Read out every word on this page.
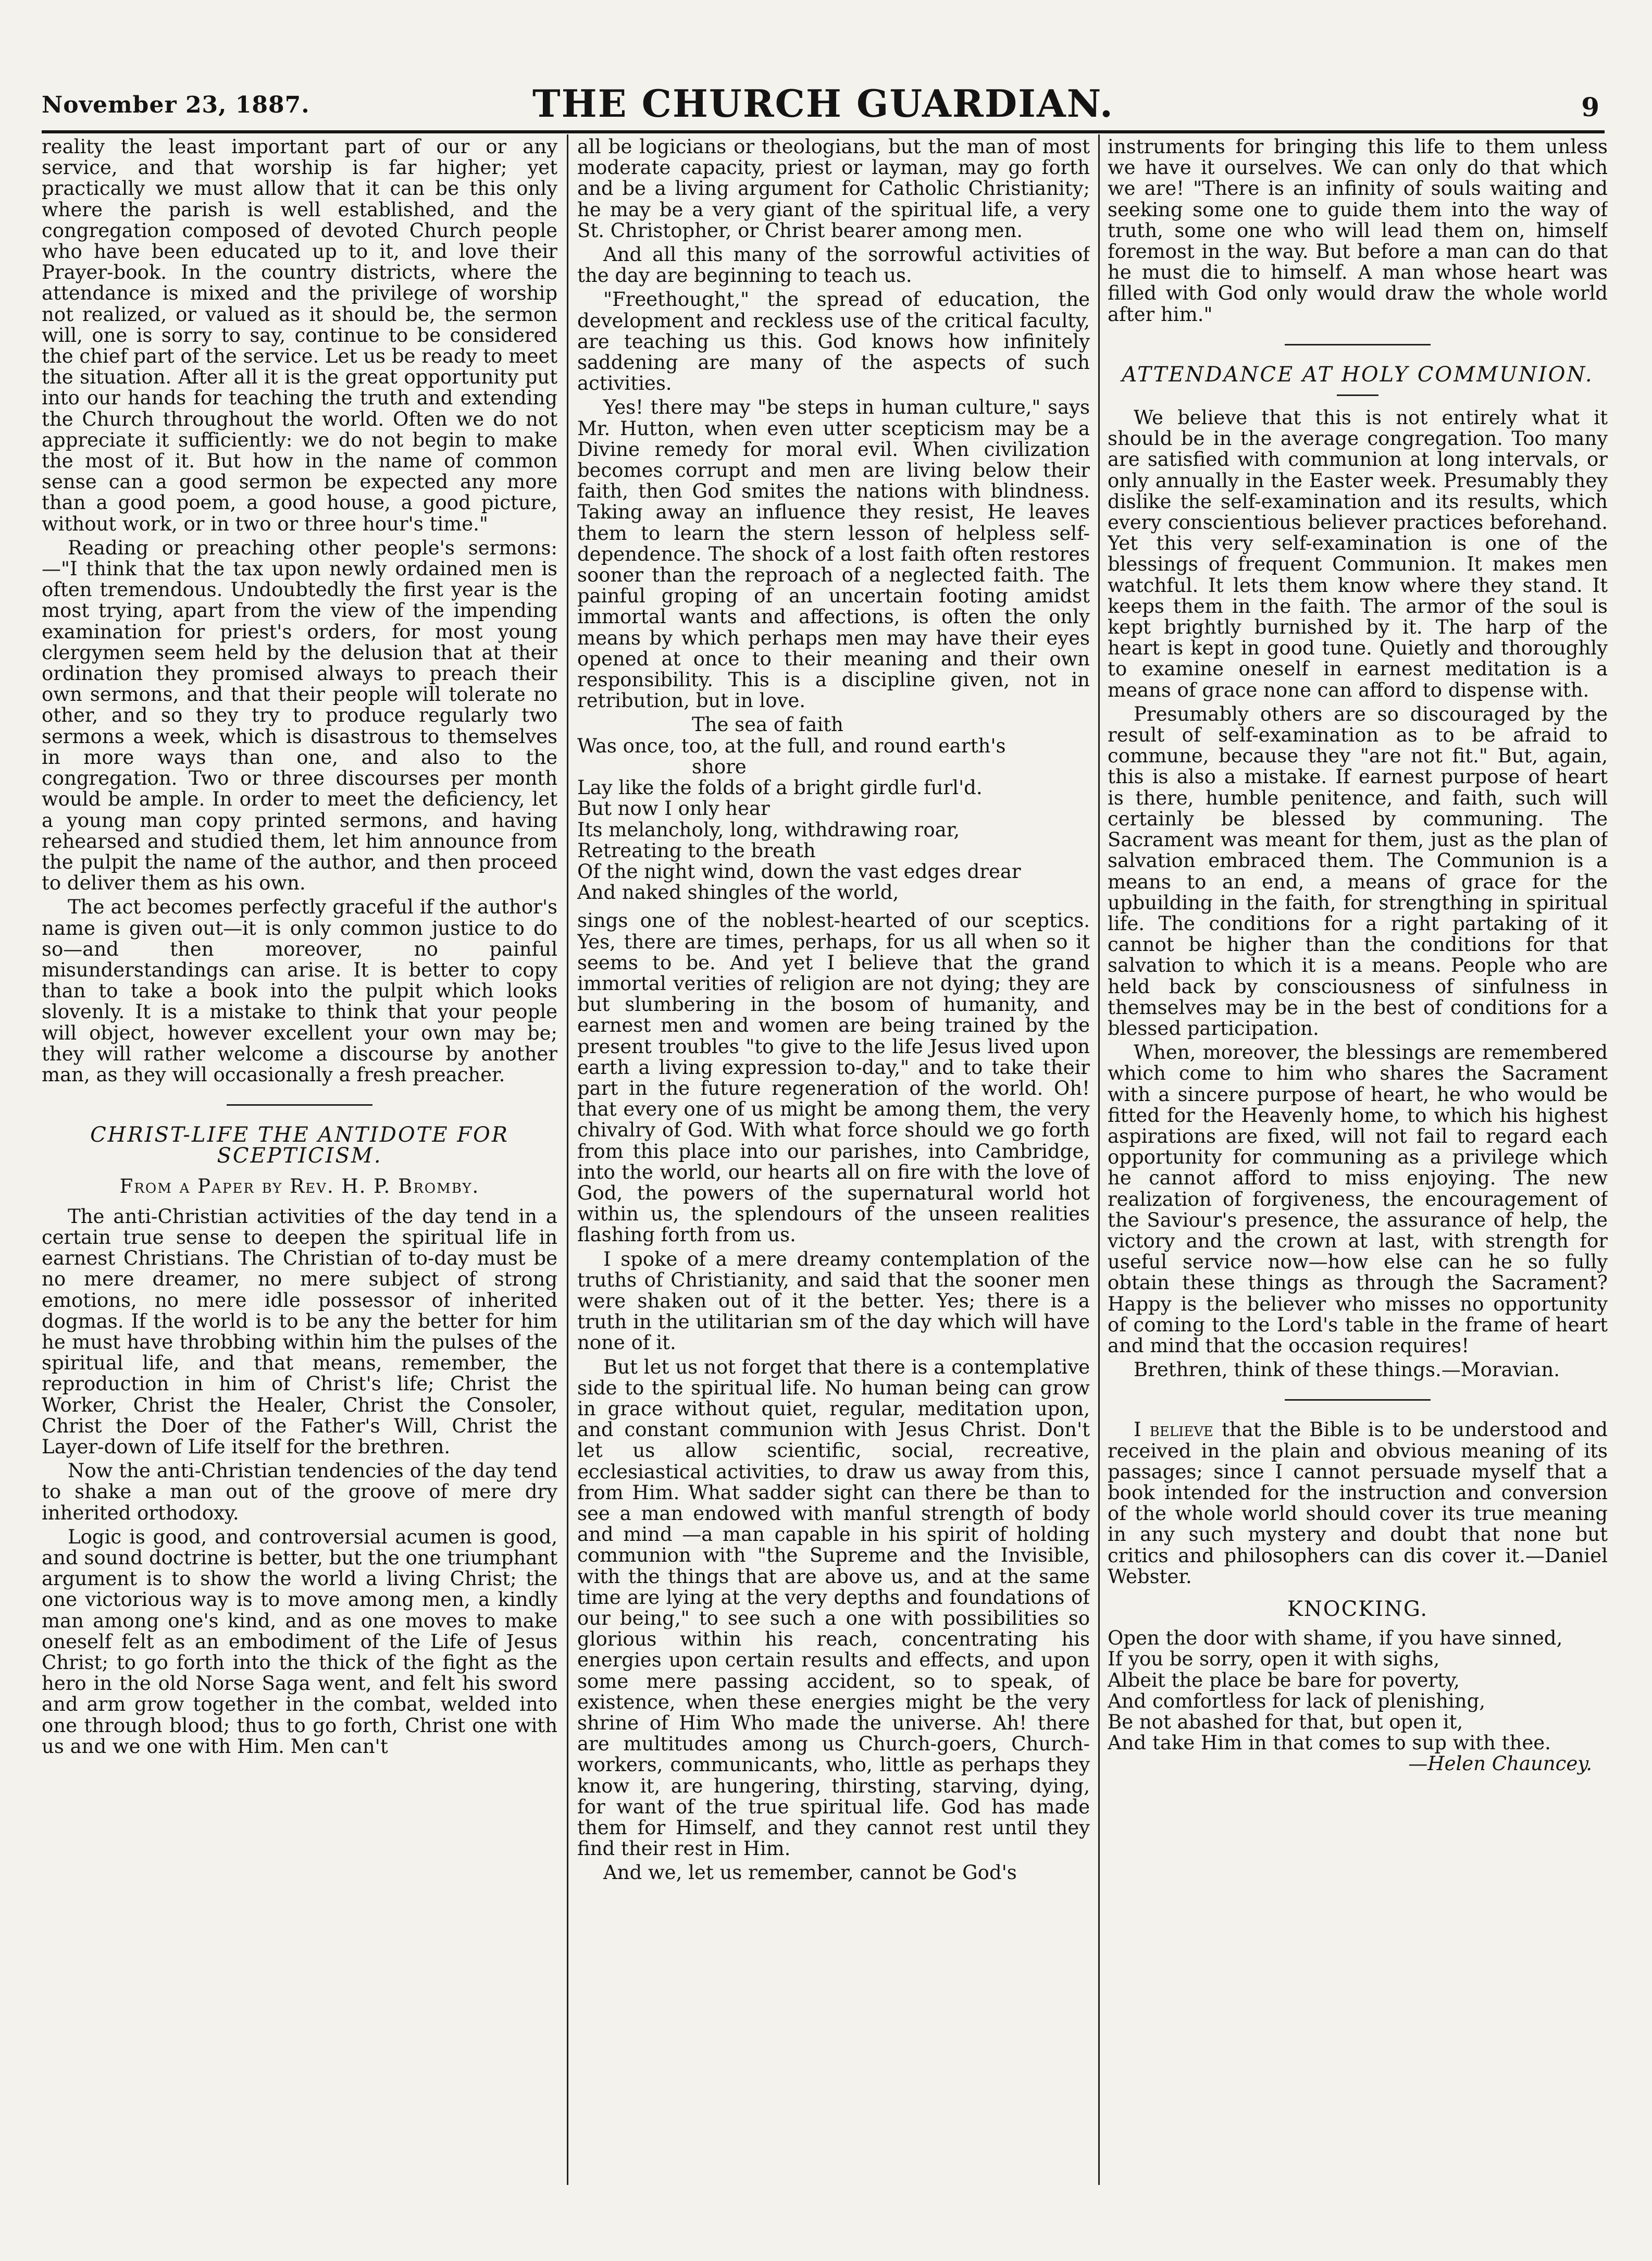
November 23, 1887.	THE CHURCH GUARDIAN.	9

reality the least important part of our or any service, and that worship is far higher; yet practically we must allow that it can be this only where the parish is well established, and the congregation composed of devoted Church people who have been educated up to it, and love their Prayer-book. In the country districts, where the attendance is mixed and the privilege of worship not realized, or valued as it should be, the sermon will, one is sorry to say, continue to be considered the chief part of the service. Let us be ready to meet the situation. After all it is the great opportunity put into our hands for teaching the truth and extending the Church throughout the world. Often we do not appreciate it sufficiently: we do not begin to make the most of it. But how in the name of common sense can a good sermon be expected any more than a good poem, a good house, a good picture, without work, or in two or three hour's time."

Reading or preaching other people's sermons: —"I think that the tax upon newly ordained men is often tremendous. Undoubtedly the first year is the most trying, apart from the view of the impending examination for priest's orders, for most young clergymen seem held by the delusion that at their ordination they promised always to preach their own sermons, and that their people will tolerate no other, and so they try to produce regularly two sermons a week, which is disastrous to themselves in more ways than one, and also to the congregation. Two or three discourses per month would be ample. In order to meet the deficiency, let a young man copy printed sermons, and having rehearsed and studied them, let him announce from the pulpit the name of the author, and then proceed to deliver them as his own.

The act becomes perfectly graceful if the author's name is given out—it is only common justice to do so—and then moreover, no painful misunderstandings can arise. It is better to copy than to take a book into the pulpit which looks slovenly. It is a mistake to think that your people will object, however excellent your own may be; they will rather welcome a discourse by another man, as they will occasionally a fresh preacher.

CHRIST-LIFE THE ANTIDOTE FOR SCEPTICISM.
From a Paper by Rev. H. P. Bromby.

The anti-Christian activities of the day tend in a certain true sense to deepen the spiritual life in earnest Christians. The Christian of to-day must be no mere dreamer, no mere subject of strong emotions, no mere idle possessor of inherited dogmas. If the world is to be any the better for him he must have throbbing within him the pulses of the spiritual life, and that means, remember, the reproduction in him of Christ's life; Christ the Worker, Christ the Healer, Christ the Consoler, Christ the Doer of the Father's Will, Christ the Layer-down of Life itself for the brethren.

Now the anti-Christian tendencies of the day tend to shake a man out of the groove of mere dry inherited orthodoxy.

Logic is good, and controversial acumen is good, and sound doctrine is better, but the one triumphant argument is to show the world a living Christ; the one victorious way is to move among men, a kindly man among one's kind, and as one moves to make oneself felt as an embodiment of the Life of Jesus Christ; to go forth into the thick of the fight as the hero in the old Norse Saga went, and felt his sword and arm grow together in the combat, welded into one through blood; thus to go forth, Christ one with us and we one with Him. Men can't

all be logicians or theologians, but the man of most moderate capacity, priest or layman, may go forth and be a living argument for Catholic Christianity; he may be a very giant of the spiritual life, a very St. Christopher, or Christ bearer among men.

And all this many of the sorrowful activities of the day are beginning to teach us.

"Freethought," the spread of education, the development and reckless use of the critical faculty, are teaching us this. God knows how infinitely saddening are many of the aspects of such activities.

Yes! there may "be steps in human culture," says Mr. Hutton, when even utter scepticism may be a Divine remedy for moral evil. When civilization becomes corrupt and men are living below their faith, then God smites the nations with blindness. Taking away an influence they resist, He leaves them to learn the stern lesson of helpless self-dependence. The shock of a lost faith often restores sooner than the reproach of a neglected faith. The painful groping of an uncertain footing amidst immortal wants and affections, is often the only means by which perhaps men may have their eyes opened at once to their meaning and their own responsibility. This is a discipline given, not in retribution, but in love.

The sea of faith
Was once, too, at the full, and round earth's
shore
Lay like the folds of a bright girdle furl'd.
But now I only hear
Its melancholy, long, withdrawing roar,
Retreating to the breath
Of the night wind, down the vast edges drear
And naked shingles of the world,

sings one of the noblest-hearted of our sceptics. Yes, there are times, perhaps, for us all when so it seems to be. And yet I believe that the grand immortal verities of religion are not dying; they are but slumbering in the bosom of humanity, and earnest men and women are being trained by the present troubles "to give to the life Jesus lived upon earth a living expression to-day," and to take their part in the future regeneration of the world. Oh! that every one of us might be among them, the very chivalry of God. With what force should we go forth from this place into our parishes, into Cambridge, into the world, our hearts all on fire with the love of God, the powers of the supernatural world hot within us, the splendours of the unseen realities flashing forth from us.

I spoke of a mere dreamy contemplation of the truths of Christianity, and said that the sooner men were shaken out of it the better. Yes; there is a truth in the utilitarian sm of the day which will have none of it.

But let us not forget that there is a contemplative side to the spiritual life. No human being can grow in grace without quiet, regular, meditation upon, and constant communion with Jesus Christ. Don't let us allow scientific, social, recreative, ecclesiastical activities, to draw us away from this, from Him. What sadder sight can there be than to see a man endowed with manful strength of body and mind —a man capable in his spirit of holding communion with "the Supreme and the Invisible, with the things that are above us, and at the same time are lying at the very depths and foundations of our being," to see such a one with possibilities so glorious within his reach, concentrating his energies upon certain results and effects, and upon some mere passing accident, so to speak, of existence, when these energies might be the very shrine of Him Who made the universe. Ah! there are multitudes among us Church-goers, Church-workers, communicants, who, little as perhaps they know it, are hungering, thirsting, starving, dying, for want of the true spiritual life. God has made them for Himself, and they cannot rest until they find their rest in Him.

And we, let us remember, cannot be God's

instruments for bringing this life to them unless we have it ourselves. We can only do that which we are! "There is an infinity of souls waiting and seeking some one to guide them into the way of truth, some one who will lead them on, himself foremost in the way. But before a man can do that he must die to himself. A man whose heart was filled with God only would draw the whole world after him."

ATTENDANCE AT HOLY COMMUNION.

We believe that this is not entirely what it should be in the average congregation. Too many are satisfied with communion at long intervals, or only annually in the Easter week. Presumably they dislike the self-examination and its results, which every conscientious believer practices beforehand. Yet this very self-examination is one of the blessings of frequent Communion. It makes men watchful. It lets them know where they stand. It keeps them in the faith. The armor of the soul is kept brightly burnished by it. The harp of the heart is kept in good tune. Quietly and thoroughly to examine oneself in earnest meditation is a means of grace none can afford to dispense with.

Presumably others are so discouraged by the result of self-examination as to be afraid to commune, because they "are not fit." But, again, this is also a mistake. If earnest purpose of heart is there, humble penitence, and faith, such will certainly be blessed by communing. The Sacrament was meant for them, just as the plan of salvation embraced them. The Communion is a means to an end, a means of grace for the upbuilding in the faith, for strengthing in spiritual life. The conditions for a right partaking of it cannot be higher than the conditions for that salvation to which it is a means. People who are held back by consciousness of sinfulness in themselves may be in the best of conditions for a blessed participation.

When, moreover, the blessings are remembered which come to him who shares the Sacrament with a sincere purpose of heart, he who would be fitted for the Heavenly home, to which his highest aspirations are fixed, will not fail to regard each opportunity for communing as a privilege which he cannot afford to miss enjoying. The new realization of forgiveness, the encouragement of the Saviour's presence, the assurance of help, the victory and the crown at last, with strength for useful service now—how else can he so fully obtain these things as through the Sacrament? Happy is the believer who misses no opportunity of coming to the Lord's table in the frame of heart and mind that the occasion requires!

Brethren, think of these things.—Moravian.

I believe that the Bible is to be understood and received in the plain and obvious meaning of its passages; since I cannot persuade myself that a book intended for the instruction and conversion of the whole world should cover its true meaning in any such mystery and doubt that none but critics and philosophers can dis cover it.—Daniel Webster.

KNOCKING.
Open the door with shame, if you have sinned,
If you be sorry, open it with sighs,
Albeit the place be bare for poverty,
And comfortless for lack of plenishing,
Be not abashed for that, but open it,
And take Him in that comes to sup with thee.
—Helen Chauncey.
